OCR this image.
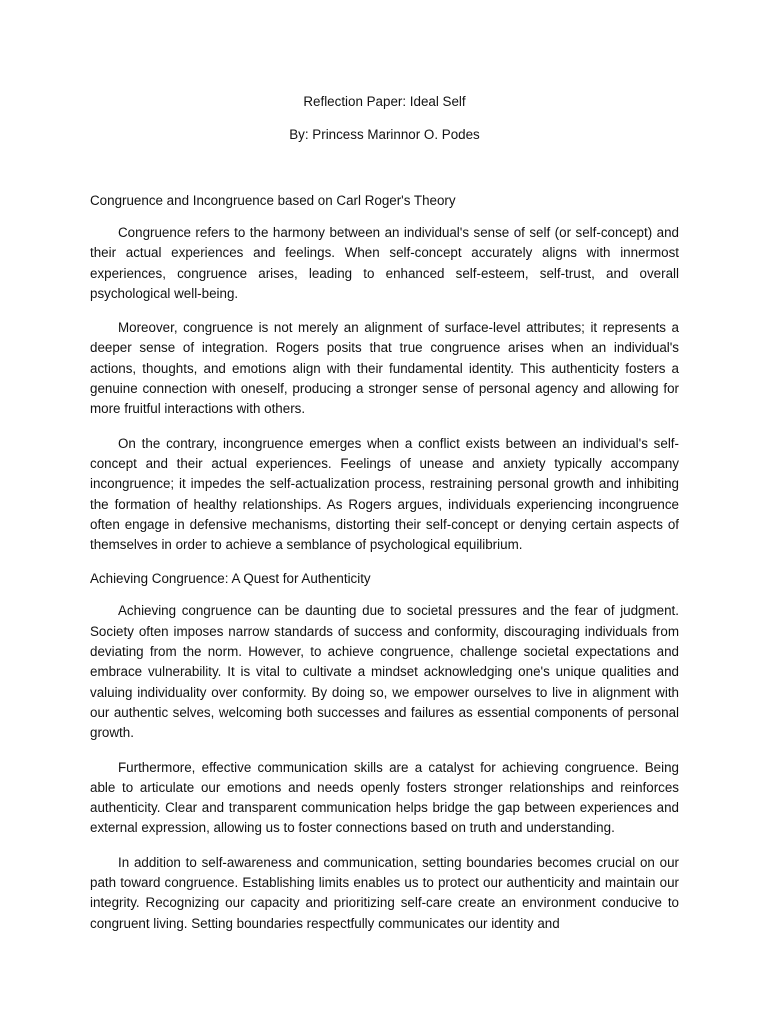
Reflection Paper: Ideal Self

By: Princess Marinnor O. Podes

Congruence and Incongruence based on Carl Roger's Theory

Congruence refers to the harmony between an individual's sense of self (or self-concept) and their actual experiences and feelings. When self-concept accurately aligns with innermost experiences, congruence arises, leading to enhanced self-esteem, self-trust, and overall psychological well-being.

Moreover, congruence is not merely an alignment of surface-level attributes; it represents a deeper sense of integration. Rogers posits that true congruence arises when an individual's actions, thoughts, and emotions align with their fundamental identity. This authenticity fosters a genuine connection with oneself, producing a stronger sense of personal agency and allowing for more fruitful interactions with others.

On the contrary, incongruence emerges when a conflict exists between an individual's self-concept and their actual experiences. Feelings of unease and anxiety typically accompany incongruence; it impedes the self-actualization process, restraining personal growth and inhibiting the formation of healthy relationships. As Rogers argues, individuals experiencing incongruence often engage in defensive mechanisms, distorting their self-concept or denying certain aspects of themselves in order to achieve a semblance of psychological equilibrium.

Achieving Congruence: A Quest for Authenticity

Achieving congruence can be daunting due to societal pressures and the fear of judgment. Society often imposes narrow standards of success and conformity, discouraging individuals from deviating from the norm. However, to achieve congruence, challenge societal expectations and embrace vulnerability. It is vital to cultivate a mindset acknowledging one's unique qualities and valuing individuality over conformity. By doing so, we empower ourselves to live in alignment with our authentic selves, welcoming both successes and failures as essential components of personal growth.

Furthermore, effective communication skills are a catalyst for achieving congruence. Being able to articulate our emotions and needs openly fosters stronger relationships and reinforces authenticity. Clear and transparent communication helps bridge the gap between experiences and external expression, allowing us to foster connections based on truth and understanding.

In addition to self-awareness and communication, setting boundaries becomes crucial on our path toward congruence. Establishing limits enables us to protect our authenticity and maintain our integrity. Recognizing our capacity and prioritizing self-care create an environment conducive to congruent living. Setting boundaries respectfully communicates our identity and
